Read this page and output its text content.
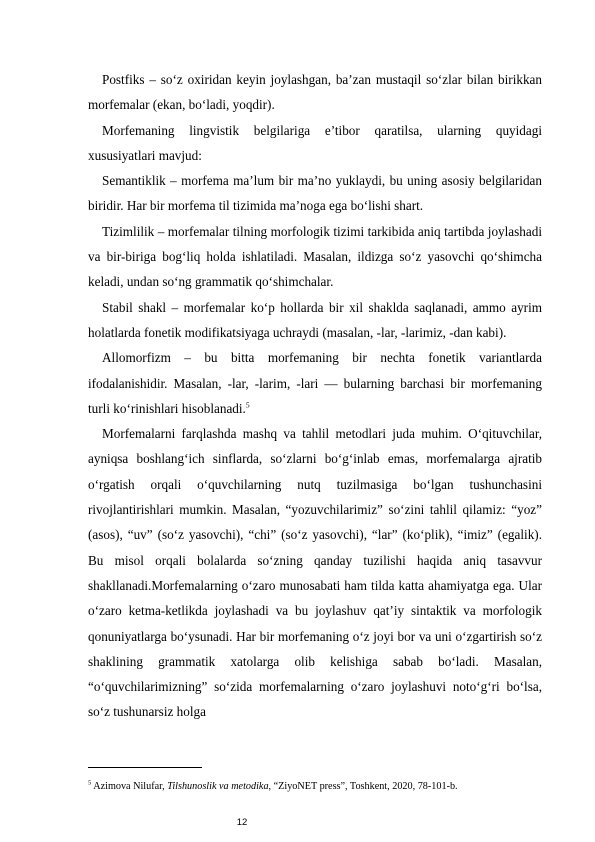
Postfiks – so‘z oxiridan keyin joylashgan, ba’zan mustaqil so‘zlar bilan birikkan morfemalar (ekan, bo‘ladi, yoqdir).

Morfemaning lingvistik belgilariga e’tibor qaratilsa, ularning quyidagi xususiyatlari mavjud:

Semantiklik – morfema ma’lum bir ma’no yuklaydi, bu uning asosiy belgilaridan biridir. Har bir morfema til tizimida ma’noga ega bo‘lishi shart.

Tizimlilik – morfemalar tilning morfologik tizimi tarkibida aniq tartibda joylashadi va bir-biriga bog‘liq holda ishlatiladi. Masalan, ildizga so‘z yasovchi qo‘shimcha keladi, undan so‘ng grammatik qo‘shimchalar.

Stabil shakl – morfemalar ko‘p hollarda bir xil shaklda saqlanadi, ammo ayrim holatlarda fonetik modifikatsiyaga uchraydi (masalan, -lar, -larimiz, -dan kabi).

Allomorfizm – bu bitta morfemaning bir nechta fonetik variantlarda ifodalanishidir. Masalan, -lar, -larim, -lari — bularning barchasi bir morfemaning turli ko‘rinishlari hisoblanadi.$^5$

Morfemalarni farqlashda mashq va tahlil metodlari juda muhim. O‘qituvchilar, ayniqsa boshlang‘ich sinflarda, so‘zlarni bo‘g‘inlab emas, morfemalarga ajratib o‘rgatish orqali o‘quvchilarning nutq tuzilmasiga bo‘lgan tushunchasini rivojlantirishlari mumkin. Masalan, “yozuvchilarimiz” so‘zini tahlil qilamiz: “yoz” (asos), “uv” (so‘z yasovchi), “chi” (so‘z yasovchi), “lar” (ko‘plik), “imiz” (egalik). Bu misol orqali bolalarda so‘zning qanday tuzilishi haqida aniq tasavvur shakllanadi.Morfemalarning o‘zaro munosabati ham tilda katta ahamiyatga ega. Ular o‘zaro ketma-ketlikda joylashadi va bu joylashuv qat’iy sintaktik va morfologik qonuniyatlarga bo‘ysunadi. Har bir morfemaning o‘z joyi bor va uni o‘zgartirish so‘z shaklining grammatik xatolarga olib kelishiga sabab bo‘ladi. Masalan, “o‘quvchilarimizning” so‘zida morfemalarning o‘zaro joylashuvi noto‘g‘ri bo‘lsa, so‘z tushunarsiz holga

$^5$ Azimova Nilufar, Tilshunoslik va metodika, “ZiyoNET press”, Toshkent, 2020, 78-101-b.
12
